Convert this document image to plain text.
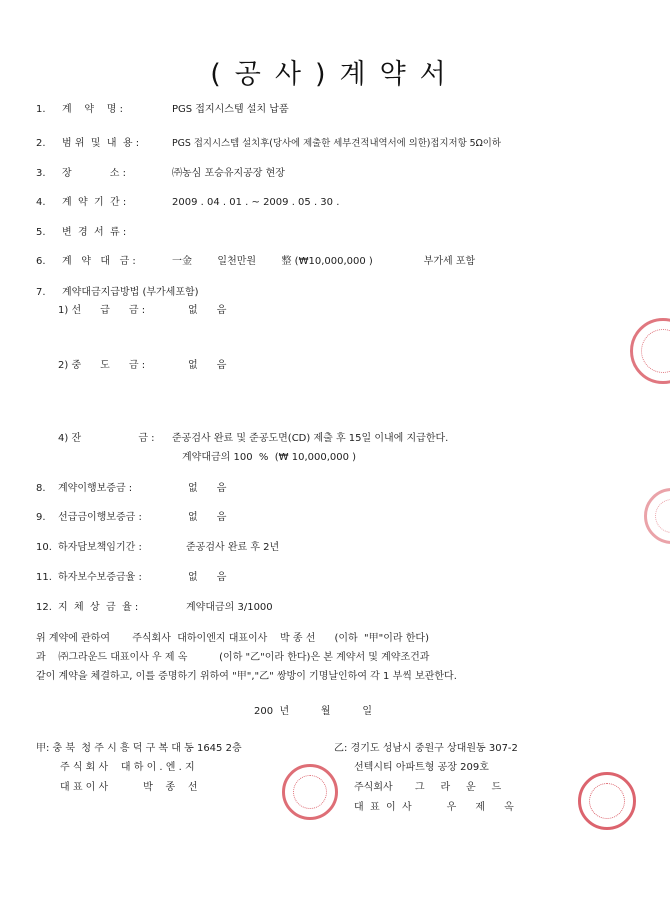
(공사)계약서
1. 계    약    명 :	PGS 접지시스템 설치 납품
2. 범 위  및  내  용 :	PGS 접지시스템 설치후(당사에 제출한 세부견적내역서에 의한)접지저항 5Ω이하
3. 장            소 :	㈜농심 포승유지공장 현장
4. 계  약  기  간 :	2009 . 04 . 01 . ~ 2009 . 05 . 30 .
5. 변  경  서  류 :
6. 계   약   대   금 :	一金        일천만원        整 (₩10,000,000 )                부가세 포함
7. 계약대금지급방법 (부가세포함)
1) 선      급      금 :	없      음
2) 중      도      금 :	없      음
4) 잔                  금 : 준공검사 완료 및 준공도면(CD) 제출 후 15일 이내에 지급한다.
계약대금의 100  %  (₩ 10,000,000 )
8. 계약이행보증금 :	없      음
9. 선급금이행보증금 :	없      음
10. 하자담보책임기간 :	준공검사 완료 후 2년
11. 하자보수보증금율 :	없      음
12. 지  체  상  금  율 :	계약대금의 3/1000
위 계약에 관하여       주식회사  대하이엔지 대표이사    박 종 선      (이하  "甲"이라 한다)
과    ㈜그라운드 대표이사 우 제 옥          (이하 "乙"이라 한다)은 본 계약서 및 계약조건과
같이 계약을 체결하고, 이를 증명하기 위하여 "甲","乙" 쌍방이 기명날인하여 각 1 부씩 보관한다.
200  년          월          일
甲: 충 북  청 주 시 흥 덕 구 복 대 동 1645 2층
주 식 회 사    대 하 이 . 엔 . 지
대 표 이 사           박    종    선
乙: 경기도 성남시 중원구 상대원동 307-2
선텍시티 아파트형 공장 209호
주식회사       그     라     운     드
대  표  이  사           우      제      옥
